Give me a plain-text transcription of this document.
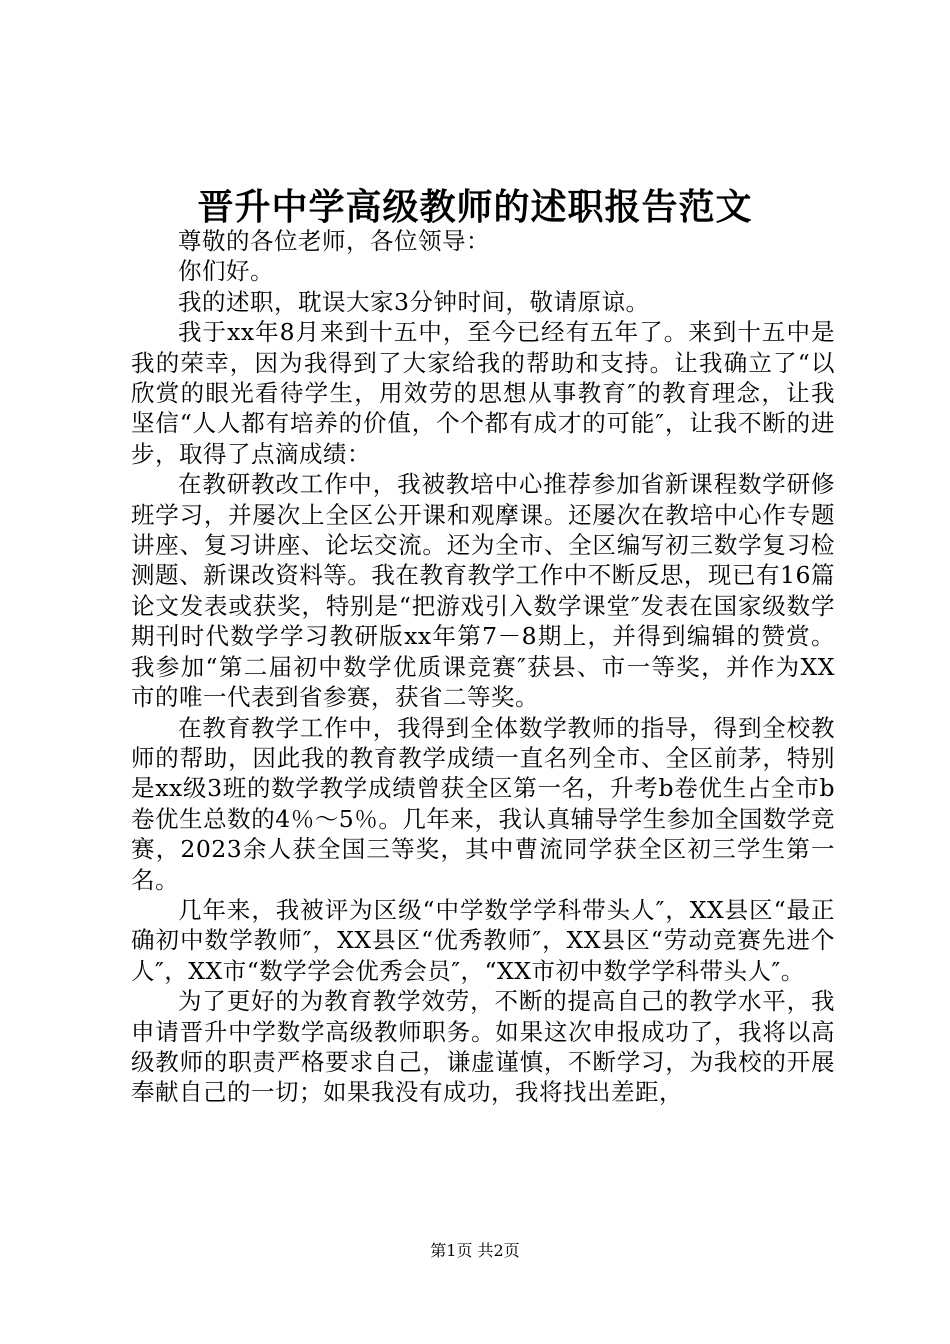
晋升中学高级教师的述职报告范文

尊敬的各位老师，各位领导：

你们好。

我的述职，耽误大家3分钟时间，敬请原谅。

我于xx年8月来到十五中，至今已经有五年了。来到十五中是我的荣幸，因为我得到了大家给我的帮助和支持。让我确立了“以欣赏的眼光看待学生，用效劳的思想从事教育″的教育理念，让我坚信“人人都有培养的价值，个个都有成才的可能″，让我不断的进步，取得了点滴成绩：

在教研教改工作中，我被教培中心推荐参加省新课程数学研修班学习，并屡次上全区公开课和观摩课。还屡次在教培中心作专题讲座、复习讲座、论坛交流。还为全市、全区编写初三数学复习检测题、新课改资料等。我在教育教学工作中不断反思，现已有16篇论文发表或获奖，特别是“把游戏引入数学课堂″发表在国家级数学期刊时代数学学习教研版xx年第7－8期上，并得到编辑的赞赏。我参加“第二届初中数学优质课竞赛″获县、市一等奖，并作为XX市的唯一代表到省参赛，获省二等奖。

在教育教学工作中，我得到全体数学教师的指导，得到全校教师的帮助，因此我的教育教学成绩一直名列全市、全区前茅，特别是xx级3班的数学教学成绩曾获全区第一名，升考b卷优生占全市b卷优生总数的4％～5％。几年来，我认真辅导学生参加全国数学竞赛，2023余人获全国三等奖，其中曹流同学获全区初三学生第一名。

几年来，我被评为区级“中学数学学科带头人″，XX县区“最正确初中数学教师″，XX县区“优秀教师″，XX县区“劳动竞赛先进个人″，XX市“数学学会优秀会员″，“XX市初中数学学科带头人″。

为了更好的为教育教学效劳，不断的提高自己的教学水平，我申请晋升中学数学高级教师职务。如果这次申报成功了，我将以高级教师的职责严格要求自己，谦虚谨慎，不断学习，为我校的开展奉献自己的一切；如果我没有成功，我将找出差距，

第1页 共2页
